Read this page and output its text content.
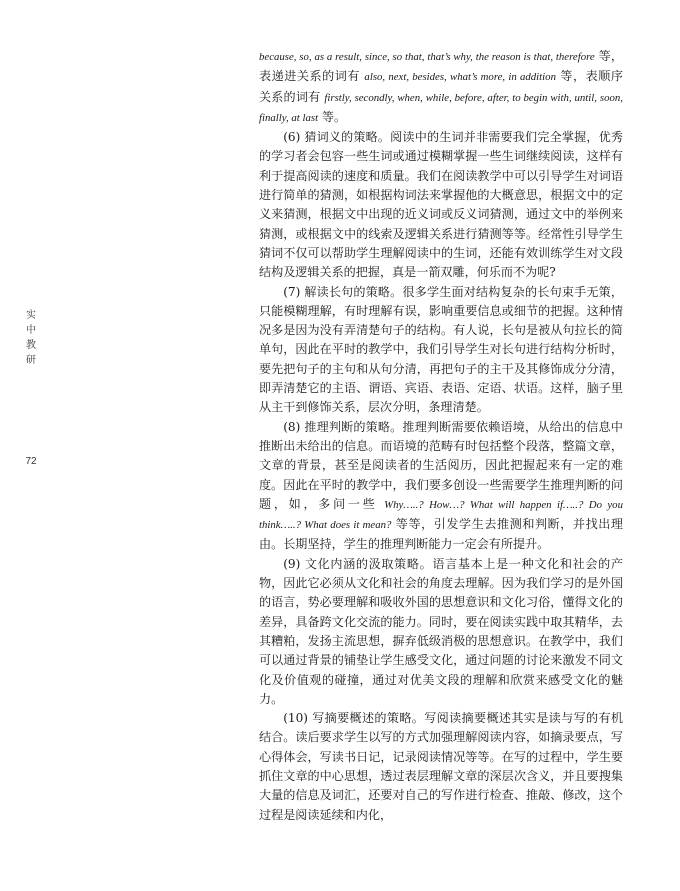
实
中
教
研
72

because, so, as a result, since, so that, that’s why, the reason is that, therefore 等，表递进关系的词有 also, next, besides, what’s more, in addition 等，表顺序关系的词有 firstly, secondly, when, while, before, after, to begin with, until, soon, finally, at last 等。

(6) 猜词义的策略。阅读中的生词并非需要我们完全掌握，优秀的学习者会包容一些生词或通过模糊掌握一些生词继续阅读，这样有利于提高阅读的速度和质量。我们在阅读教学中可以引导学生对词语进行简单的猜测，如根据构词法来掌握他的大概意思，根据文中的定义来猜测，根据文中出现的近义词或反义词猜测，通过文中的举例来猜测，或根据文中的线索及逻辑关系进行猜测等等。经常性引导学生猜词不仅可以帮助学生理解阅读中的生词，还能有效训练学生对文段结构及逻辑关系的把握，真是一箭双雕，何乐而不为呢?

(7) 解读长句的策略。很多学生面对结构复杂的长句束手无策，只能模糊理解，有时理解有误，影响重要信息或细节的把握。这种情况多是因为没有弄清楚句子的结构。有人说，长句是被从句拉长的简单句，因此在平时的教学中，我们引导学生对长句进行结构分析时，要先把句子的主句和从句分清，再把句子的主干及其修饰成分分清，即弄清楚它的主语、谓语、宾语、表语、定语、状语。这样，脑子里从主干到修饰关系，层次分明，条理清楚。

(8) 推理判断的策略。推理判断需要依赖语境，从给出的信息中推断出未给出的信息。而语境的范畴有时包括整个段落，整篇文章，文章的背景，甚至是阅读者的生活阅历，因此把握起来有一定的难度。因此在平时的教学中，我们要多创设一些需要学生推理判断的问题，如，多问一些 Why…..? How…? What will happen if…..? Do you think…..? What does it mean? 等等，引发学生去推测和判断，并找出理由。长期坚持，学生的推理判断能力一定会有所提升。

(9) 文化内涵的汲取策略。语言基本上是一种文化和社会的产物，因此它必须从文化和社会的角度去理解。因为我们学习的是外国的语言，势必要理解和吸收外国的思想意识和文化习俗，懂得文化的差异，具备跨文化交流的能力。同时，要在阅读实践中取其精华，去其糟粕，发扬主流思想，摒弃低级消极的思想意识。在教学中，我们可以通过背景的铺垫让学生感受文化，通过问题的讨论来激发不同文化及价值观的碰撞，通过对优美文段的理解和欣赏来感受文化的魅力。

(10) 写摘要概述的策略。写阅读摘要概述其实是读与写的有机结合。读后要求学生以写的方式加强理解阅读内容，如摘录要点，写心得体会，写读书日记，记录阅读情况等等。在写的过程中，学生要抓住文章的中心思想，透过表层理解文章的深层次含义，并且要搜集大量的信息及词汇，还要对自己的写作进行检查、推敲、修改，这个过程是阅读延续和内化，
